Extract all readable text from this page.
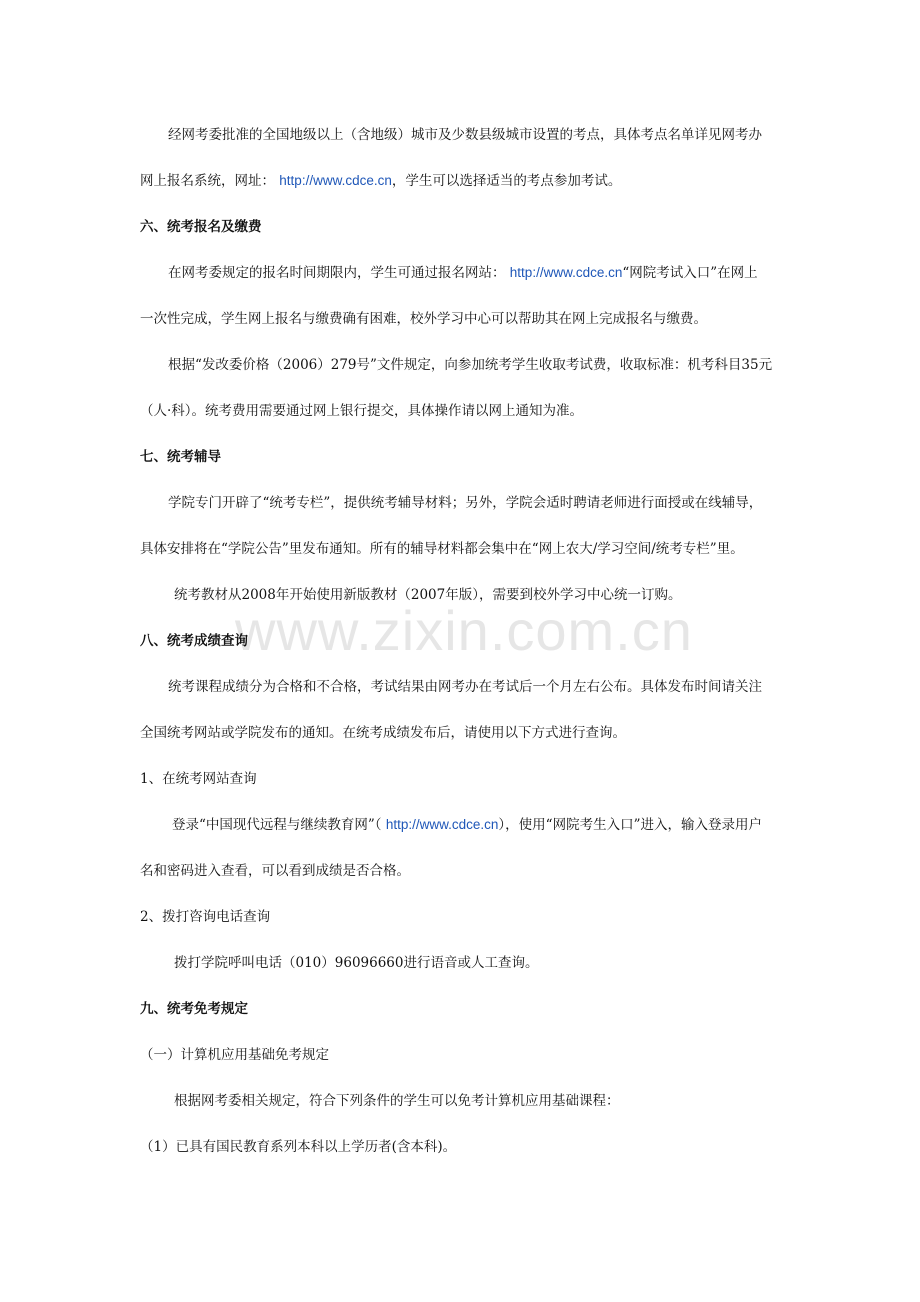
www.zixin.com.cn
经网考委批准的全国地级以上（含地级）城市及少数县级城市设置的考点，具体考点名单详见网考办
网上报名系统，网址： http://www.cdce.cn，学生可以选择适当的考点参加考试。
六、统考报名及缴费
在网考委规定的报名时间期限内，学生可通过报名网站： http://www.cdce.cn“网院考试入口”在网上
一次性完成，学生网上报名与缴费确有困难，校外学习中心可以帮助其在网上完成报名与缴费。
根据“发改委价格（2006）279号”文件规定，向参加统考学生收取考试费，收取标准：机考科目35元
（人·科）。统考费用需要通过网上银行提交，具体操作请以网上通知为准。
七、统考辅导
学院专门开辟了“统考专栏”，提供统考辅导材料；另外，学院会适时聘请老师进行面授或在线辅导，
具体安排将在“学院公告”里发布通知。所有的辅导材料都会集中在“网上农大/学习空间/统考专栏”里。
统考教材从2008年开始使用新版教材（2007年版），需要到校外学习中心统一订购。
八、统考成绩查询
统考课程成绩分为合格和不合格，考试结果由网考办在考试后一个月左右公布。具体发布时间请关注
全国统考网站或学院发布的通知。在统考成绩发布后，请使用以下方式进行查询。
1、在统考网站查询
登录“中国现代远程与继续教育网”（ http://www.cdce.cn），使用“网院考生入口”进入，输入登录用户
名和密码进入查看，可以看到成绩是否合格。
2、拨打咨询电话查询
拨打学院呼叫电话（010）96096660进行语音或人工查询。
九、统考免考规定
（一）计算机应用基础免考规定
根据网考委相关规定，符合下列条件的学生可以免考计算机应用基础课程：
（1）已具有国民教育系列本科以上学历者(含本科)。
